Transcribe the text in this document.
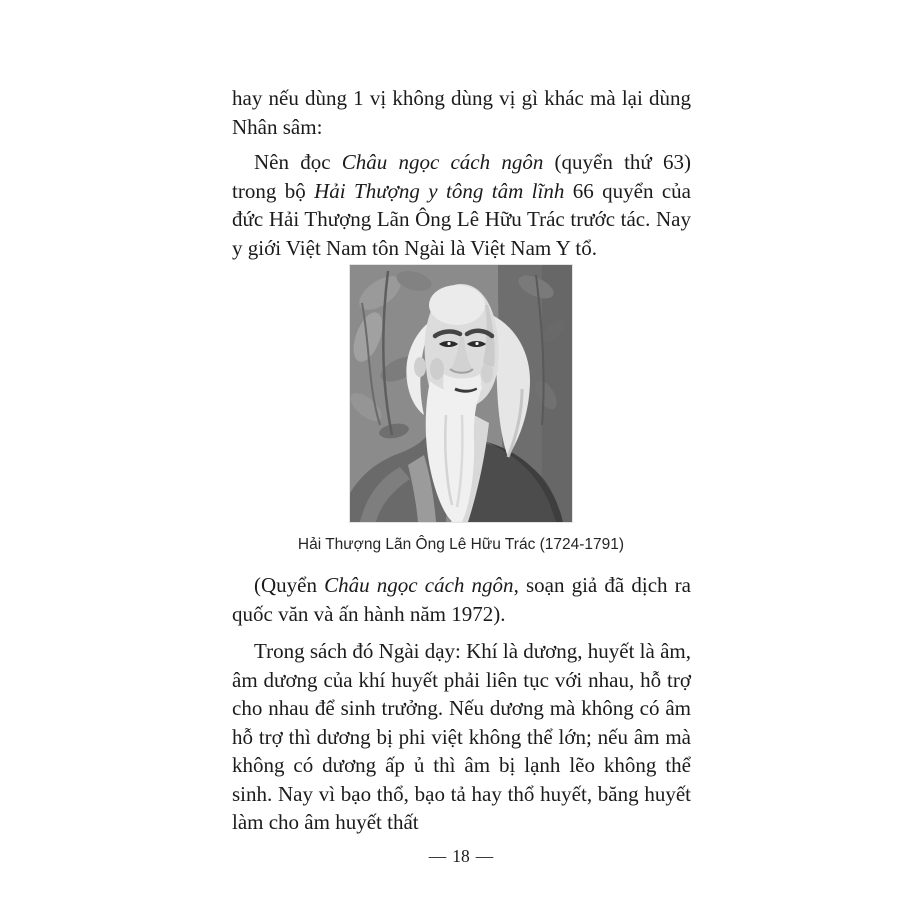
hay nếu dùng 1 vị không dùng vị gì khác mà lại dùng Nhân sâm:

Nên đọc Châu ngọc cách ngôn (quyển thứ 63) trong bộ Hải Thượng y tông tâm lĩnh 66 quyển của đức Hải Thượng Lãn Ông Lê Hữu Trác trước tác. Nay y giới Việt Nam tôn Ngài là Việt Nam Y tổ.

Hải Thượng Lãn Ông Lê Hữu Trác (1724-1791)

(Quyển Châu ngọc cách ngôn, soạn giả đã dịch ra quốc văn và ấn hành năm 1972).

Trong sách đó Ngài dạy: Khí là dương, huyết là âm, âm dương của khí huyết phải liên tục với nhau, hỗ trợ cho nhau để sinh trưởng. Nếu dương mà không có âm hỗ trợ thì dương bị phi việt không thể lớn; nếu âm mà không có dương ấp ủ thì âm bị lạnh lẽo không thể sinh. Nay vì bạo thổ, bạo tả hay thổ huyết, băng huyết làm cho âm huyết thất

— 18 —
